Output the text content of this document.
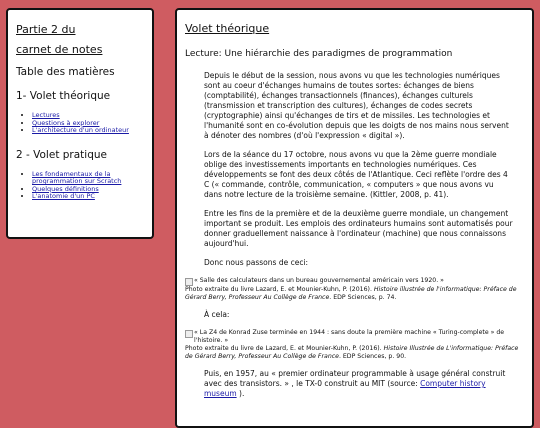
Partie 2 du
carnet de notes
Table des matières
1- Volet théorique
• Lectures
• Questions à explorer
• L'architecture d'un ordinateur
2 - Volet pratique
• Les fondamentaux de la programmation sur Scratch
• Quelques définitions
• L'anatomie d'un PC
Volet théorique
Lecture: Une hiérarchie des paradigmes de programmation

Depuis le début de la session, nous avons vu que les technologies numériques sont au coeur d'échanges humains de toutes sortes: échanges de biens (comptabilité), échanges transactionnels (finances), échanges culturels (transmission et transcription des cultures), échanges de codes secrets (cryptographie) ainsi qu'échanges de tirs et de missiles. Les technologies et l'humanité sont en co-évolution depuis que les doigts de nos mains nous servent à dénoter des nombres (d'où l'expression « digital »).

Lors de la séance du 17 octobre, nous avons vu que la 2ème guerre mondiale oblige des investissements importants en technologies numériques. Ces développements se font des deux côtés de l'Atlantique. Ceci reflète l'ordre des 4 C (« commande, contrôle, communication, « computers » que nous avons vu dans notre lecture de la troisième semaine. (Kittler, 2008, p. 41).

Entre les fins de la première et de la deuxième guerre mondiale, un changement important se produit. Les emplois des ordinateurs humains sont automatisés pour donner graduellement naissance à l'ordinateur (machine) que nous connaissons aujourd'hui.

Donc nous passons de ceci:

« Salle des calculateurs dans un bureau gouvernemental américain vers 1920. »
Photo extraite du livre Lazard, E. et Mounier-Kuhn, P. (2016). Histoire illustrée de l'informatique: Préface de Gérard Berry, Professeur Au Collège de France. EDP Sciences, p. 74.

À cela:

« La Z4 de Konrad Zuse terminée en 1944 : sans doute la première machine « Turing-complete » de l'histoire. »
Photo extraite du livre de Lazard, E. et Mounier-Kuhn, P. (2016). Histoire Illustrée de L'informatique: Préface de Gérard Berry, Professeur Au Collège de France. EDP Sciences, p. 90.

Puis, en 1957, au « premier ordinateur programmable à usage général construit avec des transistors. » , le TX-0 construit au MIT (source: Computer history museum ).
